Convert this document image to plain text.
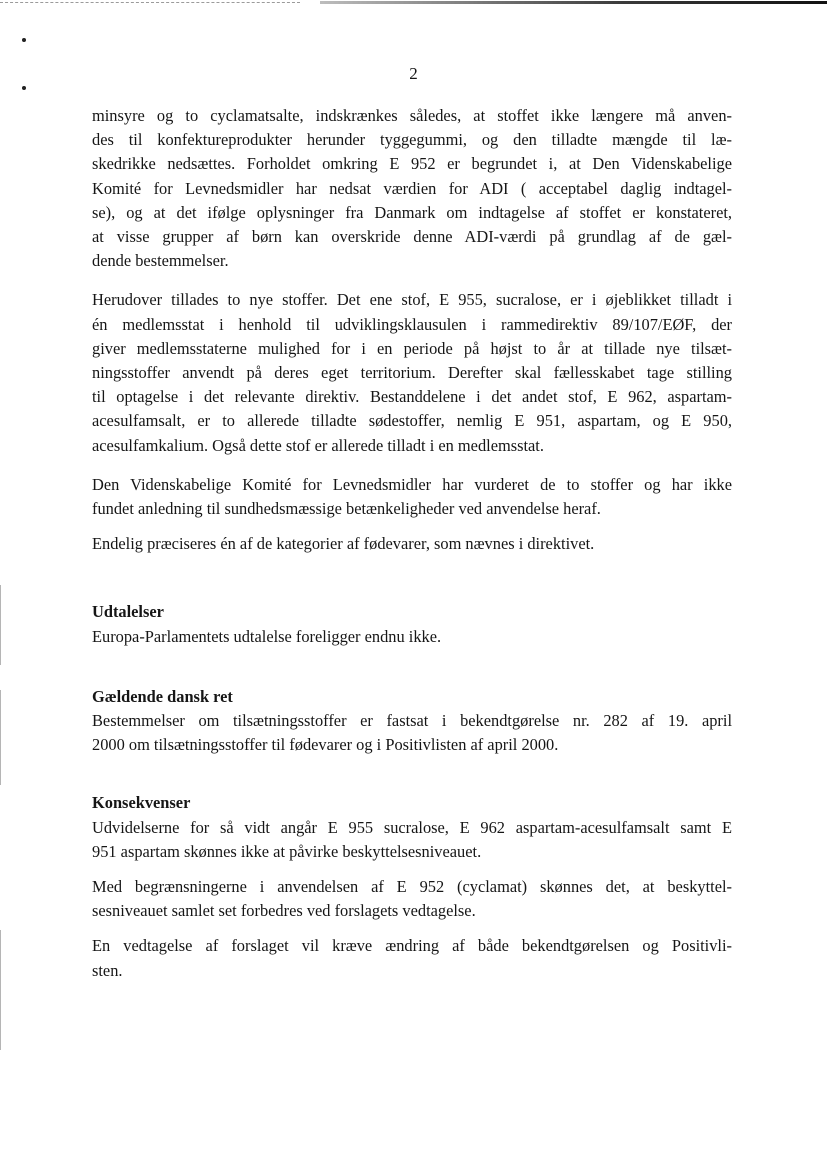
2

minsyre og to cyclamatsalte, indskrænkes således, at stoffet ikke længere må anven-
des til konfektureprodukter herunder tyggegummi, og den tilladte mængde til læ-
skedrikke nedsættes. Forholdet omkring E 952 er begrundet i, at Den Videnskabelige
Komité for Levnedsmidler har nedsat værdien for ADI ( acceptabel daglig indtagel-
se), og at det ifølge oplysninger fra Danmark om indtagelse af stoffet er konstateret,
at visse grupper af børn kan overskride denne ADI-værdi på grundlag af de gæl-
dende bestemmelser.

Herudover tillades to nye stoffer. Det ene stof, E 955, sucralose, er i øjeblikket tilladt i
én medlemsstat i henhold til udviklingsklausulen i rammedirektiv 89/107/EØF, der
giver medlemsstaterne mulighed for i en periode på højst to år at tillade nye tilsæt-
ningsstoffer anvendt på deres eget territorium. Derefter skal fællesskabet tage stilling
til optagelse i det relevante direktiv. Bestanddelene i det andet stof, E 962, aspartam-
acesulfamsalt, er to allerede tilladte sødestoffer, nemlig E 951, aspartam, og E 950,
acesulfamkalium. Også dette stof er allerede tilladt i en medlemsstat.

Den Videnskabelige Komité for Levnedsmidler har vurderet de to stoffer og har ikke
fundet anledning til sundhedsmæssige betænkeligheder ved anvendelse heraf.

Endelig præciseres én af de kategorier af fødevarer, som nævnes i direktivet.

Udtalelser

Europa-Parlamentets udtalelse foreligger endnu ikke.

Gældende dansk ret

Bestemmelser om tilsætningsstoffer er fastsat i bekendtgørelse nr. 282 af 19. april
2000 om tilsætningsstoffer til fødevarer og i Positivlisten af april 2000.

Konsekvenser

Udvidelserne for så vidt angår E 955 sucralose, E 962 aspartam-acesulfamsalt samt E
951 aspartam skønnes ikke at påvirke beskyttelsesniveauet.

Med begrænsningerne i anvendelsen af E 952 (cyclamat) skønnes det, at beskyttel-
sesniveauet samlet set forbedres ved forslagets vedtagelse.

En vedtagelse af forslaget vil kræve ændring af både bekendtgørelsen og Positivli-
sten.
